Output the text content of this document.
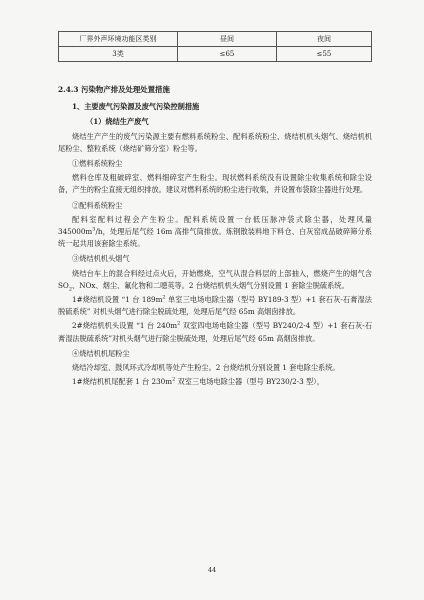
厂界外声环境功能区类别	昼间	夜间
3类	≤65	≤55
2.4.3 污染物产排及处理处置措施
1、主要废气污染源及废气污染控制措施
（1）烧结生产废气

烧结生产产生的废气污染源主要有燃料系统粉尘、配料系统粉尘、烧结机机头烟气、烧结机机尾粉尘、整粒系统（烧结矿筛分室）粉尘等。

①燃料系统粉尘

燃料仓库及粗破碎室、燃料细碎室产生粉尘。现状燃料系统没有设置除尘收集系统和除尘设备，产生的粉尘直接无组织排放。建议对燃料系统的粉尘进行收集，并设置布袋除尘器进行处理。

②配料系统粉尘

配料室配料过程会产生粉尘。配料系统设置一台低压脉冲袋式除尘器，处理风量 $345000m^3/h$，处理后尾气经 16m 高排气筒排放。炼钢散装料地下料仓、白灰窑成品破碎筛分系统一起共用该套除尘系统。

③烧结机机头烟气

烧结台车上的混合料经过点火后，开始燃烧，空气从混合料层的上部抽入，燃烧产生的烟气含 $SO_2$、NOx、烟尘、氟化物和二噁英等。2 台烧结机机头烟气分别设置 1 套除尘脱硫系统。

1#烧结机设置 “1 台 $189m^2$ 单室三电场电除尘器（型号 BY189-3 型）+1 套石灰-石膏湿法脱硫系统” 对机头烟气进行除尘脱硫处理，处理后尾气经 65m 高烟囱排放。

2#烧结机机头设置 “1 台 $240m^2$ 双室四电场电除尘器（型号 BY240/2-4 型）+1 套石灰-石膏湿法脱硫系统”对机头烟气进行除尘脱硫处理，处理后尾气经 65m 高烟囱排放。

④烧结机机尾粉尘

烧结冷却室、鼓风环式冷却机等处产生粉尘。2 台烧结机分别设置 1 套电除尘系统。

1#烧结机机尾配套 1 台 $230m^2$ 双室三电场电除尘器（型号 BY230/2-3 型），

44
